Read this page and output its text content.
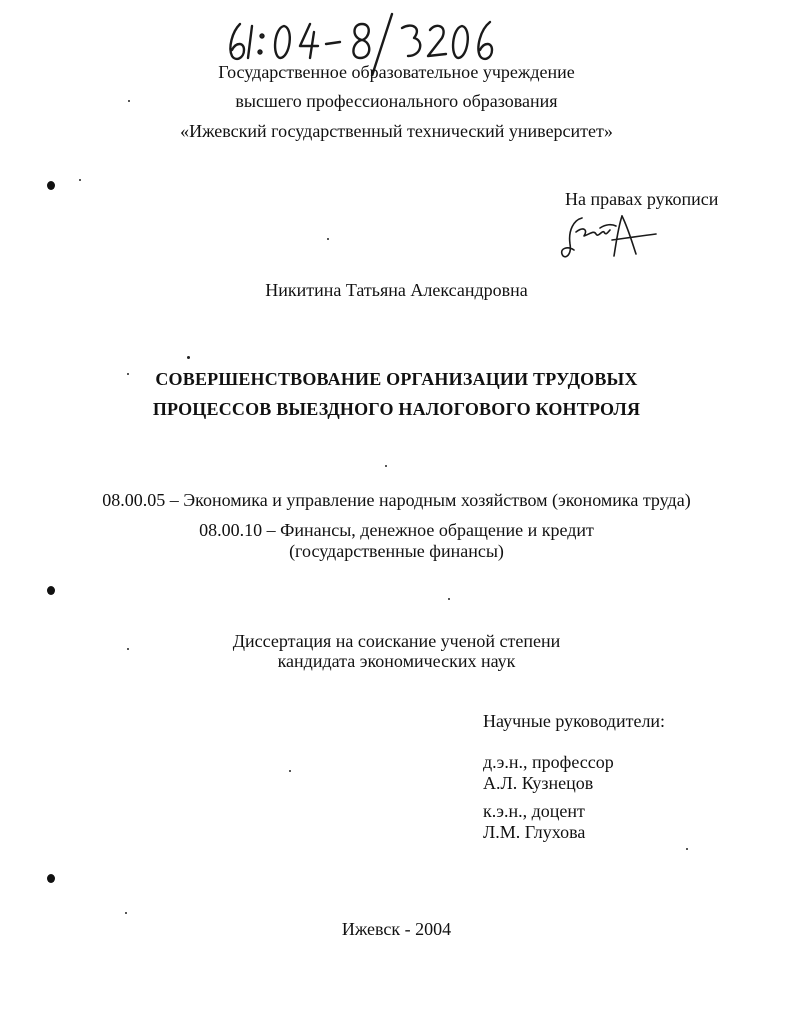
Государственное образовательное учреждение
высшего профессионального образования
«Ижевский государственный технический университет»
На правах рукописи
Никитина Татьяна Александровна
СОВЕРШЕНСТВОВАНИЕ ОРГАНИЗАЦИИ ТРУДОВЫХ
ПРОЦЕССОВ ВЫЕЗДНОГО НАЛОГОВОГО КОНТРОЛЯ
08.00.05 – Экономика и управление народным хозяйством (экономика труда)
08.00.10 – Финансы, денежное обращение и кредит
(государственные финансы)
Диссертация на соискание ученой степени
кандидата экономических наук
Научные руководители:
д.э.н., профессор
А.Л. Кузнецов
к.э.н., доцент
Л.М. Глухова
Ижевск - 2004
